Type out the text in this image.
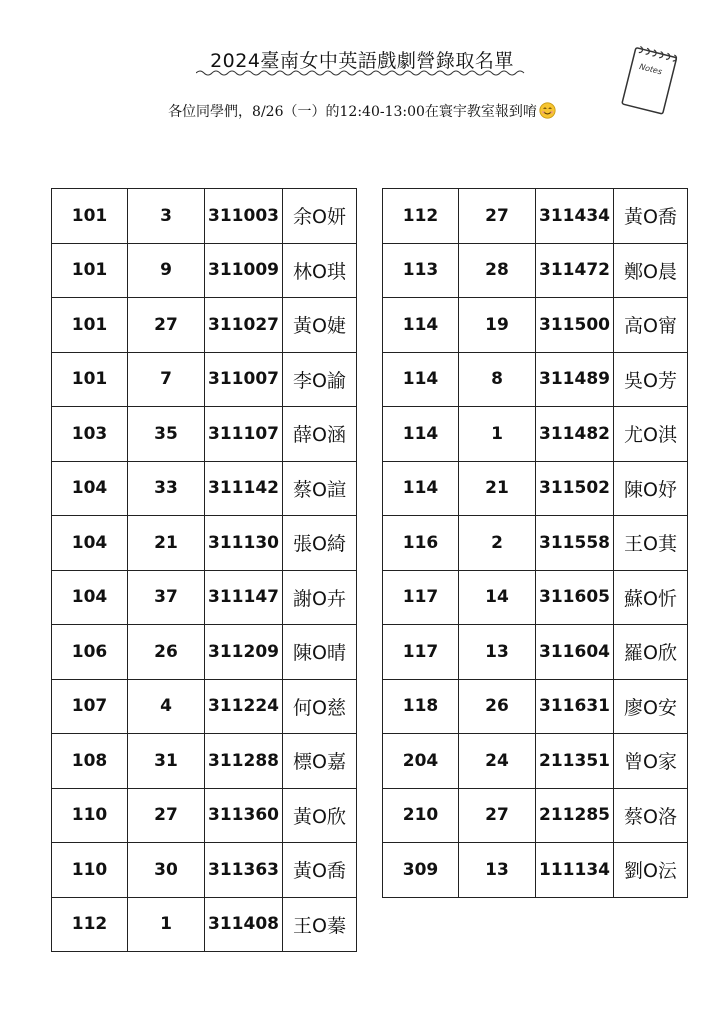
2024臺南女中英語戲劇營錄取名單	Notes
各位同學們，8/26（一）的12:40-13:00在寰宇教室報到唷
101	3	311003	余O妍
101	9	311009	林O琪
101	27	311027	黃O婕
101	7	311007	李O諭
103	35	311107	薛O涵
104	33	311142	蔡O諠
104	21	311130	張O綺
104	37	311147	謝O卉
106	26	311209	陳O晴
107	4	311224	何O慈
108	31	311288	標O嘉
110	27	311360	黃O欣
110	30	311363	黃O喬
112	1	311408	王O蓁
112	27	311434	黃O喬
113	28	311472	鄭O晨
114	19	311500	高O甯
114	8	311489	吳O芳
114	1	311482	尤O淇
114	21	311502	陳O妤
116	2	311558	王O萁
117	14	311605	蘇O忻
117	13	311604	羅O欣
118	26	311631	廖O安
204	24	211351	曾O家
210	27	211285	蔡O洛
309	13	111134	劉O沄
